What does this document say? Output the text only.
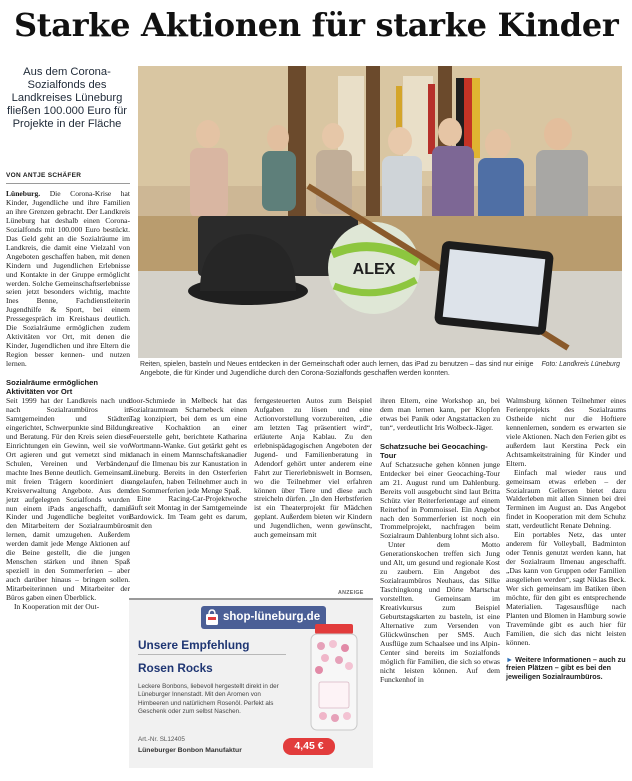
Starke Aktionen für starke Kinder
Aus dem Corona-Sozialfonds des Landkreises Lüneburg fließen 100.000 Euro für Projekte in der Fläche
VON ANTJE SCHÄFER

Lüneburg. Die Corona-Krise hat Kinder, Jugendliche und ihre Familien an ihre Grenzen gebracht. Der Landkreis Lüneburg hat deshalb einen Corona-Sozialfonds mit 100.000 Euro bestückt. Das Geld geht an die Sozialräume im Landkreis, die damit eine Vielzahl von Angeboten geschaffen haben, mit denen Kindern und Jugendlichen Erlebnisse und Kontakte in der Gruppe ermöglicht werden. Solche Gemeinschaftserlebnisse seien jetzt besonders wichtig, machte Ines Benne, Fachdienstleiterin Jugendhilfe & Sport, bei einem Pressegespräch im Kreishaus deutlich. Die Sozialräume ermöglichen zudem Aktivitäten vor Ort, mit denen die Kinder, Jugendlichen und ihre Eltern die Region besser kennen- und nutzen lernen.

Sozialräume ermöglichen Aktivitäten vor Ort

Seit 1999 hat der Landkreis nach und nach Sozialraumbüros in Samtgemeinden und Städten eingerichtet, Schwerpunkte sind Bildung und Beratung. Für den Kreis seien diese Einrichtungen ein Gewinn, weil sie vor Ort agieren und gut vernetzt sind mit Schulen, Vereinen und Verbänden, machte Ines Benne deutlich. Gemeinsam mit freien Trägern koordiniert die Kreisverwaltung Angebote. Aus dem jetzt aufgelegten Sozialfonds wurden nun einem iPads angeschafft, damit Kinder und Jugendliche begleitet von den Mitarbeitern der Sozialraumbüros lernen, damit umzugehen. Außerdem werden damit jede Menge Aktionen auf die Beine gestellt, die die jungen Menschen stärken und ihnen Spaß speziell in den Sommerferien – aber auch darüber hinaus – bringen sollen. Mitarbeiterinnen und Mitarbeiter der Büros gaben einen Überblick.

In Kooperation mit der Out-

ALEX
Foto: Landkreis Lüneburg
Reiten, spielen, basteln und Neues entdecken in der Gemeinschaft oder auch lernen, das iPad zu benutzen – das sind nur einige Angebote, die für Kinder und Jugendliche durch den Corona-Sozialfonds geschaffen werden konnten.

door-Schmiede in Melbeck hat das Sozialraumteam Scharnebeck einen Tag konzipiert, bei dem es um eine kreative Kochaktion an einer Feuerstelle geht, berichtete Katharina Wortmann-Wanke. Gut getärkt geht es danach in einem Mannschaftskanadier auf die Ilmenau bis zur Kanustation in Lüneburg. Bereits in den Osterferien angelaufen, haben Teilnehmer auch in den Sommerferien jede Menge Spaß.

Eine Racing-Car-Projektwoche läuft seit Montag in der Samtgemeinde Bardowick. Im Team geht es darum, mit den

ferngesteuerten Autos zum Beispiel Aufgaben zu lösen und eine Actionvorstellung vorzubereiten, „die am letzten Tag präsentiert wird“, erläuterte Anja Kablau. Zu den erlebnispädagogischen Angeboten der Jugend- und Familienberatung in Adendorf gehört unter anderem eine Fahrt zur Tiererlebniswelt in Bornsen, wo die Teilnehmer viel erfahren können über Tiere und diese auch streicheln dürfen. „In den Herbstferien ist ein Theaterprojekt für Mädchen geplant. Außerdem bieten wir Kindern und Jugendlichen, wenn gewünscht, auch gemeinsam mit

ihren Eltern, eine Workshop an, bei dem man lernen kann, per Klopfen etwas bei Panik oder Angstattacken zu tun“, verdeutlicht Iris Wolbeck-Jäger.

Schatzsuche bei Geocaching-Tour

Auf Schatzsuche gehen können junge Entdecker bei einer Geocaching-Tour am 21. August rund um Dahlenburg. Bereits voll ausgebucht sind laut Britta Schütz vier Reiterferientage auf einem Reiterhof in Pommoissel. Ein Angebot nach den Sommerferien ist noch ein Trommelprojekt, nachfragen beim Sozialraum Dahlenburg lohnt sich also.

Unter dem Motto Generationskochen treffen sich Jung und Alt, um gesund und regionale Kost zu zaubern. Ein Angebot des Sozialraumbüros Neuhaus, das Silke Taschingkong und Dörte Martschat vorstellten. Gemeinsam im Kreativkursus zum Beispiel Geburtstagskarten zu basteln, ist eine Alternative zum Versenden von Glückwünschen per SMS. Auch Ausflüge zum Schaalsee und ins Alpin-Center sind bereits im Sozialfonds möglich für Familien, die sich so etwas nicht leisten können. Auf dem Funckenhof in

Walmsburg können Teilnehmer eines Ferienprojekts des Sozialraums Ostheide nicht nur die Hoftiere kennenlernen, sondern es erwarten sie viele Aktionen. Nach den Ferien gibt es außerdem laut Kerstina Peck ein Achtsamkeitstraining für Kinder und Eltern.

Einfach mal wieder raus und gemeinsam etwas erleben – der Sozialraum Gellersen bietet dazu Walderleben mit allen Sinnen bei drei Terminen im August an. Das Angebot findet in Kooperation mit dem Schuhz statt, verdeutlicht Renate Dehning.

Ein portables Netz, das unter anderem für Volleyball, Badminton oder Tennis genutzt werden kann, hat der Sozialraum Ilmenau angeschafft. „Das kann von Gruppen oder Familien ausgeliehen werden“, sagt Niklas Beck. Wer sich gemeinsam im Batiken üben möchte, für den gibt es entsprechende Materialien. Tagesausflüge nach Planten und Blomen in Hamburg sowie Travemünde gibt es auch hier für Familien, die sich das nicht leisten können.

► Weitere Informationen – auch zu freien Plätzen – gibt es bei den jeweiligen Sozialraumbüros.
ANZEIGE
shop-lüneburg.de
Unsere Empfehlung
Rosen Rocks
Leckere Bonbons, liebevoll hergestellt direkt in der Lüneburger Innenstadt. Mit den Aromen von Himbeeren und natürlichem Rosenöl. Perfekt als Geschenk oder zum selbst Naschen.
Art.-Nr. SL12405
Lüneburger Bonbon Manufaktur	4,45 €
